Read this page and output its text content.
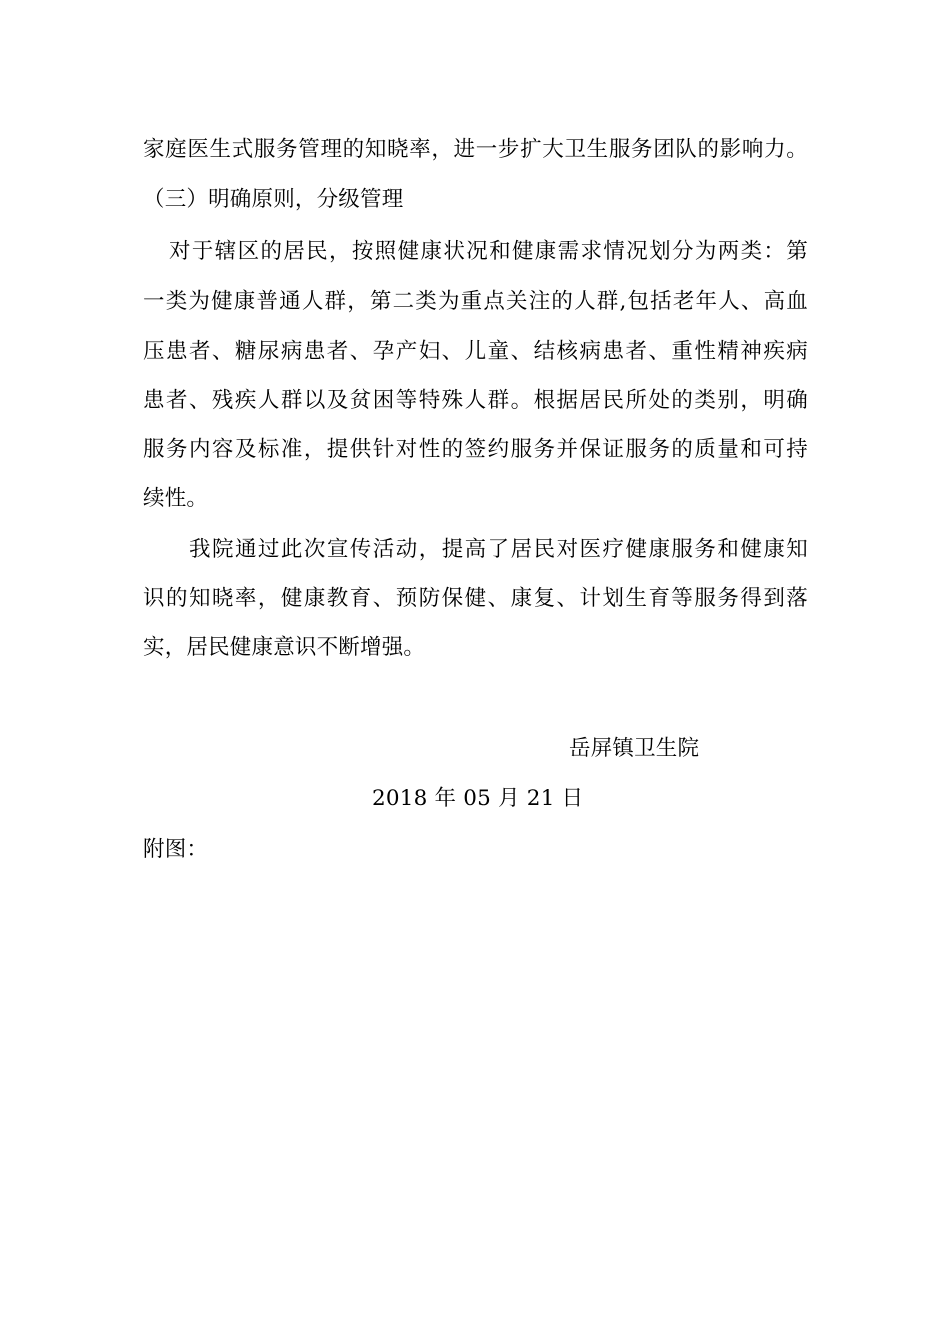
家庭医生式服务管理的知晓率，进一步扩大卫生服务团队的影响力。
（三）明确原则，分级管理
对于辖区的居民，按照健康状况和健康需求情况划分为两类：第
一类为健康普通人群，第二类为重点关注的人群,包括老年人、高血
压患者、糖尿病患者、孕产妇、儿童、结核病患者、重性精神疾病
患者、残疾人群以及贫困等特殊人群。根据居民所处的类别，明确
服务内容及标准，提供针对性的签约服务并保证服务的质量和可持
续性。
我院通过此次宣传活动，提高了居民对医疗健康服务和健康知
识的知晓率，健康教育、预防保健、康复、计划生育等服务得到落
实，居民健康意识不断增强。
岳屏镇卫生院
2018 年 05 月 21 日
附图：
